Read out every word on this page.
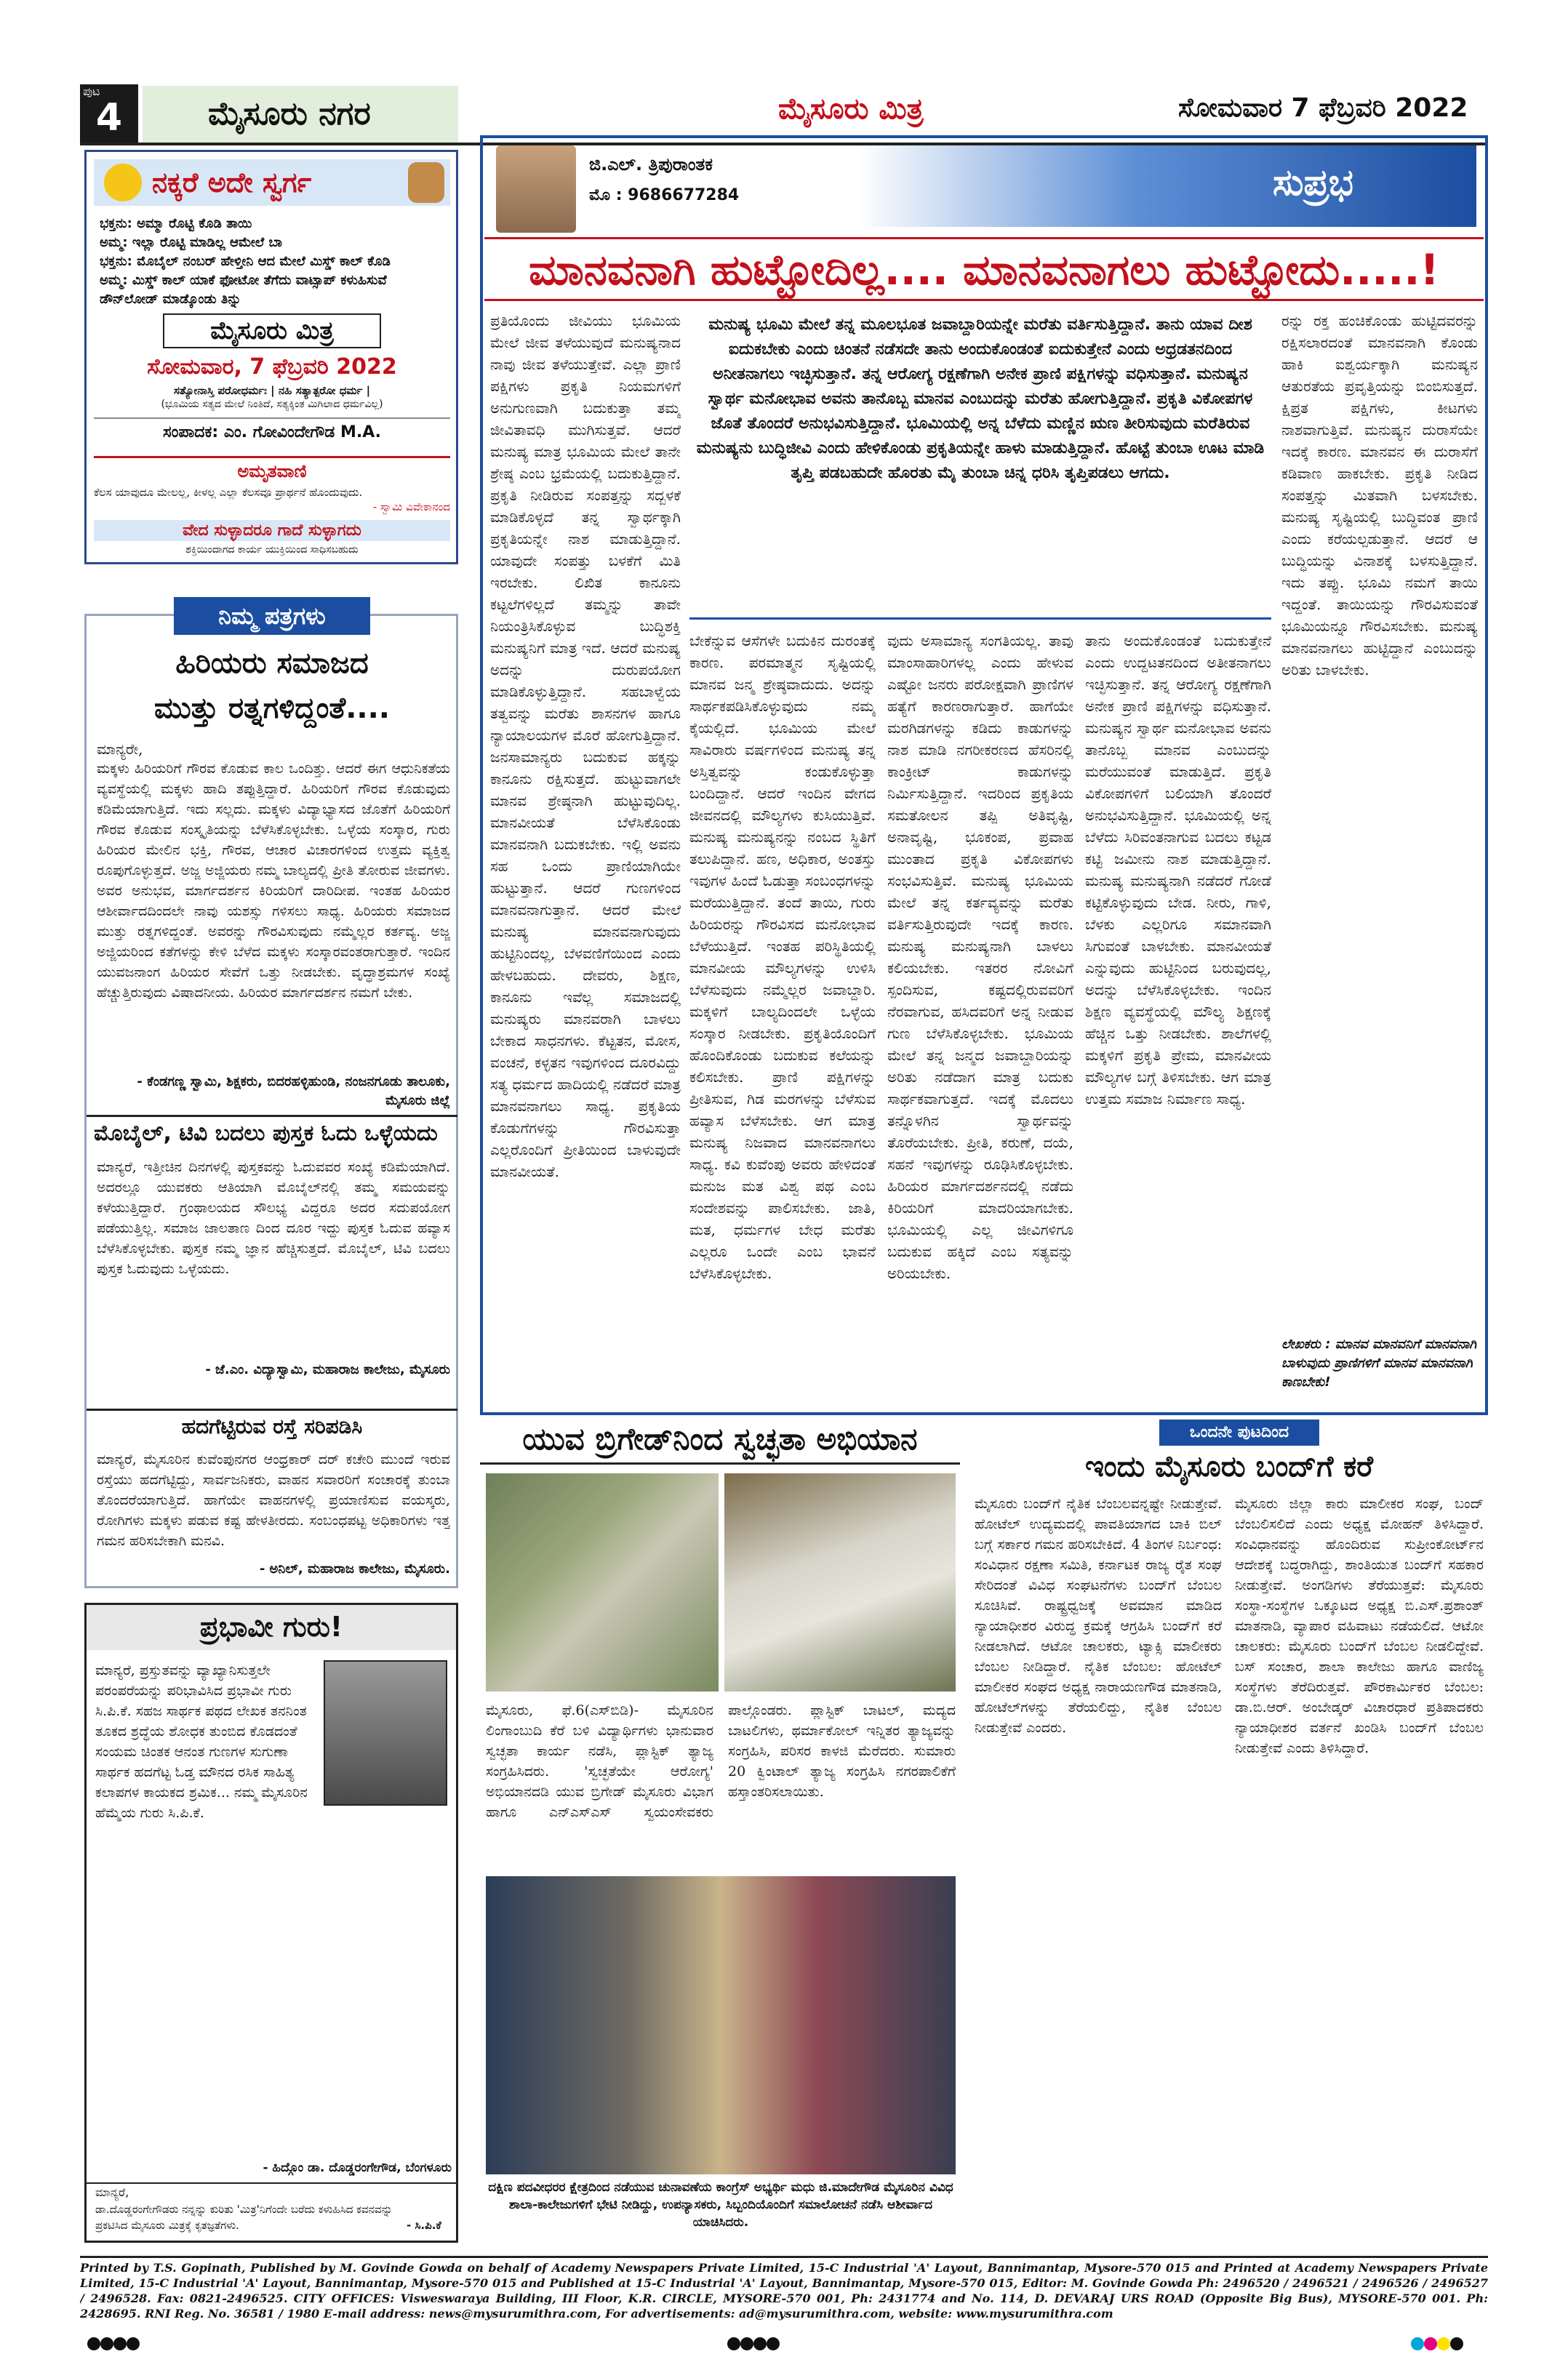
ಪುಟ
4	ಮೈಸೂರು ನಗರ	ಮೈಸೂರು ಮಿತ್ರ	ಸೋಮವಾರ 7 ಫೆಬ್ರವರಿ 2022
ನಕ್ಕರೆ ಅದೇ ಸ್ವರ್ಗ
ಭಕ್ತನು: ಅಮ್ಮಾ ರೊಟ್ಟಿ ಕೊಡಿ ತಾಯಿ
ಅಮ್ಮ: ಇಲ್ಲಾ ರೊಟ್ಟಿ ಮಾಡಿಲ್ಲ ಆಮೇಲೆ ಬಾ
ಭಕ್ತನು: ಮೊಬೈಲ್ ನಂಬರ್ ಹೇಳ್ತೀನಿ ಆದ ಮೇಲೆ ಮಿಸ್ಡ್ ಕಾಲ್ ಕೊಡಿ
ಅಮ್ಮ: ಮಿಸ್ಡ್ ಕಾಲ್ ಯಾಕೆ ಫೋಟೋ ತೆಗೆದು ವಾಟ್ಸಾಪ್ ಕಳುಹಿಸುವೆ ಡೌನ್‌ಲೋಡ್ ಮಾಡ್ಕೊಂಡು ತಿನ್ನು
ಮೈಸೂರು ಮಿತ್ರ
ಸೋಮವಾರ, 7 ಫೆಬ್ರವರಿ 2022
ಸತ್ಯೋನಾಸ್ತಿ ಪರೋಧರ್ಮಃ | ನಹಿ ಸತ್ಯಾತ್ಪರೋ ಧರ್ಮ |
(ಭೂಮಿಯ ಸತ್ಯದ ಮೇಲೆ ನಿಂತಿದೆ, ಸತ್ಯಕ್ಕಿಂತ ಮಿಗಿಲಾದ ಧರ್ಮವಿಲ್ಲ)
ಸಂಪಾದಕ: ಎಂ. ಗೋವಿಂದೇಗೌಡ M.A.
ಅಮೃತವಾಣಿ
ಕೆಲಸ ಯಾವುದೂ ಮೇಲಲ್ಲ, ಕೀಳಲ್ಲ ಎಲ್ಲಾ ಕೆಲಸವೂ ಪ್ರಾರ್ಥನೆ ಹೊಂದುವುದು.
- ಸ್ವಾಮಿ ವಿವೇಕಾನಂದ
ವೇದ ಸುಳ್ಳಾದರೂ ಗಾದೆ ಸುಳ್ಳಾಗದು
ಶಕ್ತಿಯಿಂದಾಗದ ಕಾರ್ಯ ಯುಕ್ತಿಯಿಂದ ಸಾಧಿಸಬಹುದು
ನಿಮ್ಮ ಪತ್ರಗಳು
ಹಿರಿಯರು ಸಮಾಜದ
ಮುತ್ತು ರತ್ನಗಳಿದ್ದಂತೆ....
ಮಾನ್ಯರೇ,
ಮಕ್ಕಳು ಹಿರಿಯರಿಗೆ ಗೌರವ ಕೊಡುವ ಕಾಲ ಒಂದಿತ್ತು. ಆದರೆ ಈಗ ಆಧುನಿಕತೆಯ ವ್ಯವಸ್ಥೆಯಲ್ಲಿ ಮಕ್ಕಳು ಹಾದಿ ತಪ್ಪುತ್ತಿದ್ದಾರೆ. ಹಿರಿಯರಿಗೆ ಗೌರವ ಕೊಡುವುದು ಕಡಿಮೆಯಾಗುತ್ತಿದೆ. ಇದು ಸಲ್ಲದು. ಮಕ್ಕಳು ವಿದ್ಯಾಭ್ಯಾಸದ ಜೊತೆಗೆ ಹಿರಿಯರಿಗೆ ಗೌರವ ಕೊಡುವ ಸಂಸ್ಕೃತಿಯನ್ನು ಬೆಳೆಸಿಕೊಳ್ಳಬೇಕು. ಒಳ್ಳೆಯ ಸಂಸ್ಕಾರ, ಗುರು ಹಿರಿಯರ ಮೇಲಿನ ಭಕ್ತಿ, ಗೌರವ, ಆಚಾರ ವಿಚಾರಗಳಿಂದ ಉತ್ತಮ ವ್ಯಕ್ತಿತ್ವ ರೂಪುಗೊಳ್ಳುತ್ತದೆ. ಅಜ್ಜ ಅಜ್ಜಿಯರು ನಮ್ಮ ಬಾಲ್ಯದಲ್ಲಿ ಪ್ರೀತಿ ತೋರುವ ಜೀವಗಳು. ಅವರ ಅನುಭವ, ಮಾರ್ಗದರ್ಶನ ಕಿರಿಯರಿಗೆ ದಾರಿದೀಪ. ಇಂತಹ ಹಿರಿಯರ ಆಶೀರ್ವಾದದಿಂದಲೇ ನಾವು ಯಶಸ್ಸು ಗಳಿಸಲು ಸಾಧ್ಯ. ಹಿರಿಯರು ಸಮಾಜದ ಮುತ್ತು ರತ್ನಗಳಿದ್ದಂತೆ. ಅವರನ್ನು ಗೌರವಿಸುವುದು ನಮ್ಮೆಲ್ಲರ ಕರ್ತವ್ಯ. ಅಜ್ಜ ಅಜ್ಜಿಯರಿಂದ ಕತೆಗಳನ್ನು ಕೇಳಿ ಬೆಳೆದ ಮಕ್ಕಳು ಸಂಸ್ಕಾರವಂತರಾಗುತ್ತಾರೆ. ಇಂದಿನ ಯುವಜನಾಂಗ ಹಿರಿಯರ ಸೇವೆಗೆ ಒತ್ತು ನೀಡಬೇಕು. ವೃದ್ಧಾಶ್ರಮಗಳ ಸಂಖ್ಯೆ ಹೆಚ್ಚುತ್ತಿರುವುದು ವಿಷಾದನೀಯ. ಹಿರಿಯರ ಮಾರ್ಗದರ್ಶನ ನಮಗೆ ಬೇಕು.
- ಕೆಂಡಗಣ್ಣ ಸ್ವಾಮಿ, ಶಿಕ್ಷಕರು, ಬಿದರಹಳ್ಳಿಹುಂಡಿ, ನಂಜನಗೂಡು ತಾಲೂಕು, ಮೈಸೂರು ಜಿಲ್ಲೆ
ಮೊಬೈಲ್, ಟಿವಿ ಬದಲು ಪುಸ್ತಕ ಓದು ಒಳ್ಳೆಯದು
ಮಾನ್ಯರೆ, ಇತ್ತೀಚಿನ ದಿನಗಳಲ್ಲಿ ಪುಸ್ತಕವನ್ನು ಓದುವವರ ಸಂಖ್ಯೆ ಕಡಿಮೆಯಾಗಿದೆ. ಅದರಲ್ಲೂ ಯುವಕರು ಆತಿಯಾಗಿ ಮೊಬೈಲ್‌ನಲ್ಲಿ ತಮ್ಮ ಸಮಯವನ್ನು ಕಳೆಯುತ್ತಿದ್ದಾರೆ. ಗ್ರಂಥಾಲಯದ ಸೌಲಭ್ಯ ವಿದ್ದರೂ ಅದರ ಸದುಪಯೋಗ ಪಡೆಯುತ್ತಿಲ್ಲ. ಸಮಾಜ ಜಾಲತಾಣ ದಿಂದ ದೂರ ಇದ್ದು ಪುಸ್ತಕ ಓದುವ ಹವ್ಯಾಸ ಬೆಳೆಸಿಕೊಳ್ಳಬೇಕು. ಪುಸ್ತಕ ನಮ್ಮ ಜ್ಞಾನ ಹೆಚ್ಚಿಸುತ್ತದೆ. ಮೊಬೈಲ್, ಟಿವಿ ಬದಲು ಪುಸ್ತಕ ಓದುವುದು ಒಳ್ಳೆಯದು.
- ಜೆ.ಎಂ. ವಿದ್ಯಾಸ್ವಾಮಿ, ಮಹಾರಾಜ ಕಾಲೇಜು, ಮೈಸೂರು
ಹದಗೆಟ್ಟಿರುವ ರಸ್ತೆ ಸರಿಪಡಿಸಿ
ಮಾನ್ಯರೆ, ಮೈಸೂರಿನ ಕುವೆಂಪುನಗರ ಆಂಧ್ರಕಾರ್ ದರ್ ಕಚೇರಿ ಮುಂದೆ ಇರುವ ರಸ್ತೆಯು ಹದಗೆಟ್ಟಿದ್ದು, ಸಾರ್ವಜನಿಕರು, ವಾಹನ ಸವಾರರಿಗೆ ಸಂಚಾರಕ್ಕೆ ತುಂಬಾ ತೊಂದರೆಯಾಗುತ್ತಿದೆ. ಹಾಗೆಯೇ ವಾಹನಗಳಲ್ಲಿ ಪ್ರಯಾಣಿಸುವ ವಯಸ್ಕರು, ರೋಗಿಗಳು ಮಕ್ಕಳು ಪಡುವ ಕಷ್ಟ ಹೇಳತೀರದು. ಸಂಬಂಧಪಟ್ಟ ಅಧಿಕಾರಿಗಳು ಇತ್ತ ಗಮನ ಹರಿಸಬೇಕಾಗಿ ಮನವಿ.
- ಅನಿಲ್, ಮಹಾರಾಜ ಕಾಲೇಜು, ಮೈಸೂರು.
ಪ್ರಭಾವೀ ಗುರು!
ಮಾನ್ಯರೆ, ಪ್ರಸ್ತುತವನ್ನು ವ್ಯಾಖ್ಯಾನಿಸುತ್ತಲೇ ಪರಂಪರೆಯನ್ನು ಪರಿಭಾವಿಸಿದ ಪ್ರಭಾವೀ ಗುರು ಸಿ.ಪಿ.ಕೆ. ಸಹಜ ಸಾರ್ಥಕ ಪಥದ ಲೇಖಕ ತನನಿಂತ ತೂಕದ ಶ್ರದ್ಧೆಯ ಶೋಧಕ ತುಂಬಿದ ಕೊಡದಂತೆ ಸಂಯಮ ಚಿಂತಕ ಆನಂತ ಗುಣಗಳ ಸುಗುಣಾ ಸಾರ್ಥಕ ಹದಗೆಟ್ಟ ಓಡ್ತ ಮೌನದ ರಸಿಕ ಸಾಹಿತ್ಯ ಕಲಾಪಗಳ ಕಾಯಕದ ಶ್ರಮಿಕ... ನಮ್ಮ ಮೈಸೂರಿನ ಹೆಮ್ಮೆಯ ಗುರು ಸಿ.ಪಿ.ಕೆ.
- ಹಿದ್ಗೊಂ ಡಾ. ದೊಡ್ಡರಂಗೇಗೌಡ, ಬೆಂಗಳೂರು
ಮಾನ್ಯರೆ,
ಡಾ.ದೊಡ್ಡರಂಗೇಗೌಡರು ನನ್ನನ್ನು ಕುರಿತು 'ಮಿತ್ರ'ನಿಗೆಂದೇ ಬರೆದು ಕಳುಹಿಸಿದ ಕವನವನ್ನು ಪ್ರಕಟಿಸಿದ ಮೈಸೂರು ಮಿತ್ರಕ್ಕೆ ಕೃತಜ್ಞತೆಗಳು.	- ಸಿ.ಪಿ.ಕೆ
ಜಿ.ಎಲ್. ತ್ರಿಪುರಾಂತಕ
ಮೊ : 9686677284	ಸುಪ್ರಭ
ಮಾನವನಾಗಿ ಹುಟ್ಟೋದಿಲ್ಲ.... ಮಾನವನಾಗಲು ಹುಟ್ಟೋದು.....!
ಪ್ರತಿಯೊಂದು ಜೀವಿಯು ಭೂಮಿಯ ಮೇಲೆ ಜೀವ ತಳೆಯುವುದೆ ಮನುಷ್ಯನಾದ ನಾವು ಜೀವ ತಳೆಯುತ್ತೇವೆ. ಎಲ್ಲಾ ಪ್ರಾಣಿ ಪಕ್ಷಿಗಳು ಪ್ರಕೃತಿ ನಿಯಮಗಳಿಗೆ ಅನುಗುಣವಾಗಿ ಬದುಕುತ್ತಾ ತಮ್ಮ ಜೀವಿತಾವಧಿ ಮುಗಿಸುತ್ತವೆ. ಆದರೆ ಮನುಷ್ಯ ಮಾತ್ರ ಭೂಮಿಯ ಮೇಲೆ ತಾನೇ ಶ್ರೇಷ್ಠ ಎಂಬ ಭ್ರಮೆಯಲ್ಲಿ ಬದುಕುತ್ತಿದ್ದಾನೆ. ಪ್ರಕೃತಿ ನೀಡಿರುವ ಸಂಪತ್ತನ್ನು ಸದ್ಬಳಕೆ ಮಾಡಿಕೊಳ್ಳದೆ ತನ್ನ ಸ್ವಾರ್ಥಕ್ಕಾಗಿ ಪ್ರಕೃತಿಯನ್ನೇ ನಾಶ ಮಾಡುತ್ತಿದ್ದಾನೆ. ಯಾವುದೇ ಸಂಪತ್ತು ಬಳಕೆಗೆ ಮಿತಿ ಇರಬೇಕು. ಲಿಖಿತ ಕಾನೂನು ಕಟ್ಟಲೆಗಳಿಲ್ಲದೆ ತಮ್ಮನ್ನು ತಾವೇ ನಿಯಂತ್ರಿಸಿಕೊಳ್ಳುವ ಬುದ್ಧಿಶಕ್ತಿ ಮನುಷ್ಯನಿಗೆ ಮಾತ್ರ ಇದೆ. ಆದರೆ ಮನುಷ್ಯ ಅದನ್ನು ದುರುಪಯೋಗ ಮಾಡಿಕೊಳ್ಳುತ್ತಿದ್ದಾನೆ. ಸಹಬಾಳ್ವೆಯ ತತ್ವವನ್ನು ಮರೆತು ಶಾಸನಗಳ ಹಾಗೂ ನ್ಯಾಯಾಲಯಗಳ ಮೊರೆ ಹೋಗುತ್ತಿದ್ದಾನೆ. ಜನಸಾಮಾನ್ಯರು ಬದುಕುವ ಹಕ್ಕನ್ನು ಕಾನೂನು ರಕ್ಷಿಸುತ್ತದೆ. ಹುಟ್ಟುವಾಗಲೇ ಮಾನವ ಶ್ರೇಷ್ಠನಾಗಿ ಹುಟ್ಟುವುದಿಲ್ಲ. ಮಾನವೀಯತೆ ಬೆಳೆಸಿಕೊಂಡು ಮಾನವನಾಗಿ ಬದುಕಬೇಕು. ಇಲ್ಲಿ ಅವನು ಸಹ ಒಂದು ಪ್ರಾಣಿಯಾಗಿಯೇ ಹುಟ್ಟುತ್ತಾನೆ. ಆದರೆ ಗುಣಗಳಿಂದ ಮಾನವನಾಗುತ್ತಾನೆ. ಆದರೆ ಮೇಲೆ ಮನುಷ್ಯ ಮಾನವನಾಗುವುದು ಹುಟ್ಟಿನಿಂದಲ್ಲ, ಬೆಳವಣಿಗೆಯಿಂದ ಎಂದು ಹೇಳಬಹುದು. ದೇವರು, ಶಿಕ್ಷಣ, ಕಾನೂನು ಇವೆಲ್ಲ ಸಮಾಜದಲ್ಲಿ ಮನುಷ್ಯರು ಮಾನವರಾಗಿ ಬಾಳಲು ಬೇಕಾದ ಸಾಧನಗಳು. ಕೆಟ್ಟತನ, ಮೋಸ, ವಂಚನೆ, ಕಳ್ಳತನ ಇವುಗಳಿಂದ ದೂರವಿದ್ದು ಸತ್ಯ ಧರ್ಮದ ಹಾದಿಯಲ್ಲಿ ನಡೆದರೆ ಮಾತ್ರ ಮಾನವನಾಗಲು ಸಾಧ್ಯ. ಪ್ರಕೃತಿಯ ಕೊಡುಗೆಗಳನ್ನು ಗೌರವಿಸುತ್ತಾ ಎಲ್ಲರೊಂದಿಗೆ ಪ್ರೀತಿಯಿಂದ ಬಾಳುವುದೇ ಮಾನವೀಯತೆ.
ಮನುಷ್ಯ ಭೂಮಿ ಮೇಲೆ ತನ್ನ ಮೂಲಭೂತ ಜವಾಬ್ದಾರಿಯನ್ನೇ ಮರೆತು ವರ್ತಿಸುತ್ತಿದ್ದಾನೆ. ತಾನು ಯಾವ ದೀಶ ಐದುಕಬೇಕು ಎಂದು ಚಿಂತನೆ ನಡೆಸದೇ ತಾನು ಅಂದುಕೊಂಡಂತೆ ಐದುಕುತ್ತೇನೆ ಎಂದು ಅಧ್ರಡತನದಿಂದ ಅನೀತನಾಗಲು ಇಚ್ಛಿಸುತ್ತಾನೆ. ತನ್ನ ಆರೋಗ್ಯ ರಕ್ಷಣೆಗಾಗಿ ಅನೇಕ ಪ್ರಾಣಿ ಪಕ್ಷಿಗಳನ್ನು ವಧಿಸುತ್ತಾನೆ. ಮನುಷ್ಯನ ಸ್ವಾರ್ಥ ಮನೋಭಾವ ಅವನು ತಾನೊಬ್ಬ ಮಾನವ ಎಂಬುದನ್ನು ಮರೆತು ಹೋಗುತ್ತಿದ್ದಾನೆ. ಪ್ರಕೃತಿ ವಿಕೋಪಗಳ ಜೊತೆ ತೊಂದರೆ ಅನುಭವಿಸುತ್ತಿದ್ದಾನೆ. ಭೂಮಿಯಲ್ಲಿ ಅನ್ನ ಬೆಳೆದು ಮಣ್ಣಿನ ಋಣ ತೀರಿಸುವುದು ಮರೆತಿರುವ ಮನುಷ್ಯನು ಬುದ್ಧಿಜೀವಿ ಎಂದು ಹೇಳಿಕೊಂಡು ಪ್ರಕೃತಿಯನ್ನೇ ಹಾಳು ಮಾಡುತ್ತಿದ್ದಾನೆ. ಹೊಟ್ಟೆ ತುಂಬಾ ಊಟ ಮಾಡಿ ತೃಪ್ತಿ ಪಡಬಹುದೇ ಹೊರತು ಮೈ ತುಂಬಾ ಚಿನ್ನ ಧರಿಸಿ ತೃಪ್ತಿಪಡಲು ಆಗದು.
ಬೇಕೆನ್ನುವ ಆಸೆಗಳೇ ಬದುಕಿನ ದುರಂತಕ್ಕೆ ಕಾರಣ. ಪರಮಾತ್ಮನ ಸೃಷ್ಟಿಯಲ್ಲಿ ಮಾನವ ಜನ್ಮ ಶ್ರೇಷ್ಠವಾದುದು. ಅದನ್ನು ಸಾರ್ಥಕಪಡಿಸಿಕೊಳ್ಳುವುದು ನಮ್ಮ ಕೈಯಲ್ಲಿದೆ. ಭೂಮಿಯ ಮೇಲೆ ಸಾವಿರಾರು ವರ್ಷಗಳಿಂದ ಮನುಷ್ಯ ತನ್ನ ಅಸ್ತಿತ್ವವನ್ನು ಕಂಡುಕೊಳ್ಳುತ್ತಾ ಬಂದಿದ್ದಾನೆ. ಆದರೆ ಇಂದಿನ ವೇಗದ ಜೀವನದಲ್ಲಿ ಮೌಲ್ಯಗಳು ಕುಸಿಯುತ್ತಿವೆ. ಮನುಷ್ಯ ಮನುಷ್ಯನನ್ನು ನಂಬದ ಸ್ಥಿತಿಗೆ ತಲುಪಿದ್ದಾನೆ. ಹಣ, ಅಧಿಕಾರ, ಅಂತಸ್ತು ಇವುಗಳ ಹಿಂದೆ ಓಡುತ್ತಾ ಸಂಬಂಧಗಳನ್ನು ಮರೆಯುತ್ತಿದ್ದಾನೆ. ತಂದೆ ತಾಯಿ, ಗುರು ಹಿರಿಯರನ್ನು ಗೌರವಿಸದ ಮನೋಭಾವ ಬೆಳೆಯುತ್ತಿದೆ. ಇಂತಹ ಪರಿಸ್ಥಿತಿಯಲ್ಲಿ ಮಾನವೀಯ ಮೌಲ್ಯಗಳನ್ನು ಉಳಿಸಿ ಬೆಳೆಸುವುದು ನಮ್ಮೆಲ್ಲರ ಜವಾಬ್ದಾರಿ. ಮಕ್ಕಳಿಗೆ ಬಾಲ್ಯದಿಂದಲೇ ಒಳ್ಳೆಯ ಸಂಸ್ಕಾರ ನೀಡಬೇಕು. ಪ್ರಕೃತಿಯೊಂದಿಗೆ ಹೊಂದಿಕೊಂಡು ಬದುಕುವ ಕಲೆಯನ್ನು ಕಲಿಸಬೇಕು. ಪ್ರಾಣಿ ಪಕ್ಷಿಗಳನ್ನು ಪ್ರೀತಿಸುವ, ಗಿಡ ಮರಗಳನ್ನು ಬೆಳೆಸುವ ಹವ್ಯಾಸ ಬೆಳೆಸಬೇಕು. ಆಗ ಮಾತ್ರ ಮನುಷ್ಯ ನಿಜವಾದ ಮಾನವನಾಗಲು ಸಾಧ್ಯ. ಕವಿ ಕುವೆಂಪು ಅವರು ಹೇಳಿದಂತೆ ಮನುಜ ಮತ ವಿಶ್ವ ಪಥ ಎಂಬ ಸಂದೇಶವನ್ನು ಪಾಲಿಸಬೇಕು. ಜಾತಿ, ಮತ, ಧರ್ಮಗಳ ಬೇಧ ಮರೆತು ಎಲ್ಲರೂ ಒಂದೇ ಎಂಬ ಭಾವನೆ ಬೆಳೆಸಿಕೊಳ್ಳಬೇಕು.
ವುದು ಅಸಾಮಾನ್ಯ ಸಂಗತಿಯಲ್ಲ. ತಾವು ಮಾಂಸಾಹಾರಿಗಳಲ್ಲ ಎಂದು ಹೇಳುವ ಎಷ್ಟೋ ಜನರು ಪರೋಕ್ಷವಾಗಿ ಪ್ರಾಣಿಗಳ ಹತ್ಯೆಗೆ ಕಾರಣರಾಗುತ್ತಾರೆ. ಹಾಗೆಯೇ ಮರಗಿಡಗಳನ್ನು ಕಡಿದು ಕಾಡುಗಳನ್ನು ನಾಶ ಮಾಡಿ ನಗರೀಕರಣದ ಹೆಸರಿನಲ್ಲಿ ಕಾಂಕ್ರೀಟ್ ಕಾಡುಗಳನ್ನು ನಿರ್ಮಿಸುತ್ತಿದ್ದಾನೆ. ಇದರಿಂದ ಪ್ರಕೃತಿಯ ಸಮತೋಲನ ತಪ್ಪಿ ಅತಿವೃಷ್ಟಿ, ಅನಾವೃಷ್ಟಿ, ಭೂಕಂಪ, ಪ್ರವಾಹ ಮುಂತಾದ ಪ್ರಕೃತಿ ವಿಕೋಪಗಳು ಸಂಭವಿಸುತ್ತಿವೆ. ಮನುಷ್ಯ ಭೂಮಿಯ ಮೇಲೆ ತನ್ನ ಕರ್ತವ್ಯವನ್ನು ಮರೆತು ವರ್ತಿಸುತ್ತಿರುವುದೇ ಇದಕ್ಕೆ ಕಾರಣ. ಮನುಷ್ಯ ಮನುಷ್ಯನಾಗಿ ಬಾಳಲು ಕಲಿಯಬೇಕು. ಇತರರ ನೋವಿಗೆ ಸ್ಪಂದಿಸುವ, ಕಷ್ಟದಲ್ಲಿರುವವರಿಗೆ ನೆರವಾಗುವ, ಹಸಿದವರಿಗೆ ಅನ್ನ ನೀಡುವ ಗುಣ ಬೆಳೆಸಿಕೊಳ್ಳಬೇಕು. ಭೂಮಿಯ ಮೇಲೆ ತನ್ನ ಜನ್ಮದ ಜವಾಬ್ದಾರಿಯನ್ನು ಅರಿತು ನಡೆದಾಗ ಮಾತ್ರ ಬದುಕು ಸಾರ್ಥಕವಾಗುತ್ತದೆ. ಇದಕ್ಕೆ ಮೊದಲು ತನ್ನೊಳಗಿನ ಸ್ವಾರ್ಥವನ್ನು ತೊರೆಯಬೇಕು. ಪ್ರೀತಿ, ಕರುಣೆ, ದಯೆ, ಸಹನೆ ಇವುಗಳನ್ನು ರೂಢಿಸಿಕೊಳ್ಳಬೇಕು. ಹಿರಿಯರ ಮಾರ್ಗದರ್ಶನದಲ್ಲಿ ನಡೆದು ಕಿರಿಯರಿಗೆ ಮಾದರಿಯಾಗಬೇಕು. ಭೂಮಿಯಲ್ಲಿ ಎಲ್ಲ ಜೀವಿಗಳಿಗೂ ಬದುಕುವ ಹಕ್ಕಿದೆ ಎಂಬ ಸತ್ಯವನ್ನು ಅರಿಯಬೇಕು.
ತಾನು ಅಂದುಕೊಂಡಂತೆ ಬದುಕುತ್ತೇನೆ ಎಂದು ಉದ್ದಟತನದಿಂದ ಅತೀತನಾಗಲು ಇಚ್ಛಿಸುತ್ತಾನೆ. ತನ್ನ ಆರೋಗ್ಯ ರಕ್ಷಣೆಗಾಗಿ ಅನೇಕ ಪ್ರಾಣಿ ಪಕ್ಷಿಗಳನ್ನು ವಧಿಸುತ್ತಾನೆ. ಮನುಷ್ಯನ ಸ್ವಾರ್ಥ ಮನೋಭಾವ ಅವನು ತಾನೊಬ್ಬ ಮಾನವ ಎಂಬುದನ್ನು ಮರೆಯುವಂತೆ ಮಾಡುತ್ತಿದೆ. ಪ್ರಕೃತಿ ವಿಕೋಪಗಳಿಗೆ ಬಲಿಯಾಗಿ ತೊಂದರೆ ಅನುಭವಿಸುತ್ತಿದ್ದಾನೆ. ಭೂಮಿಯಲ್ಲಿ ಅನ್ನ ಬೆಳೆದು ಸಿರಿವಂತನಾಗುವ ಬದಲು ಕಟ್ಟಡ ಕಟ್ಟಿ ಜಮೀನು ನಾಶ ಮಾಡುತ್ತಿದ್ದಾನೆ. ಮನುಷ್ಯ ಮನುಷ್ಯನಾಗಿ ನಡೆದರೆ ಗೋಡೆ ಕಟ್ಟಿಕೊಳ್ಳುವುದು ಬೇಡ. ನೀರು, ಗಾಳಿ, ಬೆಳಕು ಎಲ್ಲರಿಗೂ ಸಮಾನವಾಗಿ ಸಿಗುವಂತೆ ಬಾಳಬೇಕು. ಮಾನವೀಯತೆ ಎನ್ನುವುದು ಹುಟ್ಟಿನಿಂದ ಬರುವುದಲ್ಲ, ಅದನ್ನು ಬೆಳೆಸಿಕೊಳ್ಳಬೇಕು. ಇಂದಿನ ಶಿಕ್ಷಣ ವ್ಯವಸ್ಥೆಯಲ್ಲಿ ಮೌಲ್ಯ ಶಿಕ್ಷಣಕ್ಕೆ ಹೆಚ್ಚಿನ ಒತ್ತು ನೀಡಬೇಕು. ಶಾಲೆಗಳಲ್ಲಿ ಮಕ್ಕಳಿಗೆ ಪ್ರಕೃತಿ ಪ್ರೇಮ, ಮಾನವೀಯ ಮೌಲ್ಯಗಳ ಬಗ್ಗೆ ತಿಳಿಸಬೇಕು. ಆಗ ಮಾತ್ರ ಉತ್ತಮ ಸಮಾಜ ನಿರ್ಮಾಣ ಸಾಧ್ಯ.
ರನ್ನು ರಕ್ತ ಹಂಚಿಕೊಂಡು ಹುಟ್ಟಿದವರನ್ನು ರಕ್ಷಿಸಲಾರದಂತೆ ಮಾನವನಾಗಿ ಕೊಂಡು ಹಾಕಿ ಐಶ್ವರ್ಯಕ್ಕಾಗಿ ಮನುಷ್ಯನ ಆತುರತೆಯ ಪ್ರವೃತ್ತಿಯನ್ನು ಬಿಂಬಿಸುತ್ತದೆ. ಕ್ಷಿಪ್ರತ ಪಕ್ಷಿಗಳು, ಕೀಟಗಳು ನಾಶವಾಗುತ್ತಿವೆ. ಮನುಷ್ಯನ ದುರಾಸೆಯೇ ಇದಕ್ಕೆ ಕಾರಣ. ಮಾನವನ ಈ ದುರಾಸೆಗೆ ಕಡಿವಾಣ ಹಾಕಬೇಕು. ಪ್ರಕೃತಿ ನೀಡಿದ ಸಂಪತ್ತನ್ನು ಮಿತವಾಗಿ ಬಳಸಬೇಕು. ಮನುಷ್ಯ ಸೃಷ್ಟಿಯಲ್ಲಿ ಬುದ್ಧಿವಂತ ಪ್ರಾಣಿ ಎಂದು ಕರೆಯಲ್ಪಡುತ್ತಾನೆ. ಆದರೆ ಆ ಬುದ್ಧಿಯನ್ನು ವಿನಾಶಕ್ಕೆ ಬಳಸುತ್ತಿದ್ದಾನೆ. ಇದು ತಪ್ಪು. ಭೂಮಿ ನಮಗೆ ತಾಯಿ ಇದ್ದಂತೆ. ತಾಯಿಯನ್ನು ಗೌರವಿಸುವಂತೆ ಭೂಮಿಯನ್ನೂ ಗೌರವಿಸಬೇಕು. ಮನುಷ್ಯ ಮಾನವನಾಗಲು ಹುಟ್ಟಿದ್ದಾನೆ ಎಂಬುದನ್ನು ಅರಿತು ಬಾಳಬೇಕು.
ಲೇಖಕರು : ಮಾನವ ಮಾನವನಿಗೆ ಮಾನವನಾಗಿ ಬಾಳುವುದು ಪ್ರಾಣಿಗಳಿಗೆ ಮಾನವ ಮಾನವನಾಗಿ ಕಾಣಬೇಕು!
ಯುವ ಬ್ರಿಗೇಡ್‌ನಿಂದ ಸ್ವಚ್ಛತಾ ಅಭಿಯಾನ
ಮೈಸೂರು, ಫೆ.6(ಎಸ್‌ಬಿಡಿ)- ಮೈಸೂರಿನ ಲಿಂಗಾಂಬುದಿ ಕೆರೆ ಬಳಿ ವಿದ್ಯಾರ್ಥಿಗಳು ಭಾನುವಾರ ಸ್ವಚ್ಛತಾ ಕಾರ್ಯ ನಡೆಸಿ, ಪ್ಲಾಸ್ಟಿಕ್ ತ್ಯಾಜ್ಯ ಸಂಗ್ರಹಿಸಿದರು. 'ಸ್ವಚ್ಛತೆಯೇ ಆರೋಗ್ಯ' ಅಭಿಯಾನದಡಿ ಯುವ ಬ್ರಿಗೇಡ್ ಮೈಸೂರು ವಿಭಾಗ ಹಾಗೂ ಎನ್‌ಎಸ್‌ಎಸ್ ಸ್ವಯಂಸೇವಕರು ಪಾಲ್ಗೊಂಡರು. ಪ್ಲಾಸ್ಟಿಕ್ ಬಾಟಲ್, ಮದ್ಯದ ಬಾಟಲಿಗಳು, ಥರ್ಮಾಕೋಲ್ ಇನ್ನಿತರ ತ್ಯಾಜ್ಯವನ್ನು ಸಂಗ್ರಹಿಸಿ, ಪರಿಸರ ಕಾಳಜಿ ಮೆರೆದರು. ಸುಮಾರು 20 ಕ್ವಿಂಟಾಲ್ ತ್ಯಾಜ್ಯ ಸಂಗ್ರಹಿಸಿ ನಗರಪಾಲಿಕೆಗೆ ಹಸ್ತಾಂತರಿಸಲಾಯಿತು.
ದಕ್ಷಿಣ ಪದವೀಧರರ ಕ್ಷೇತ್ರದಿಂದ ನಡೆಯುವ ಚುನಾವಣೆಯ ಕಾಂಗ್ರೆಸ್ ಅಭ್ಯರ್ಥಿ ಮಧು ಜಿ.ಮಾದೇಗೌಡ ಮೈಸೂರಿನ ವಿವಿಧ ಶಾಲಾ-ಕಾಲೇಜುಗಳಿಗೆ ಭೇಟಿ ನೀಡಿದ್ದು, ಉಪನ್ಯಾಸಕರು, ಸಿಬ್ಬಂದಿಯೊಂದಿಗೆ ಸಮಾಲೋಚನೆ ನಡೆಸಿ ಆಶೀರ್ವಾದ ಯಾಚಿಸಿದರು.
ಒಂದನೇ ಪುಟದಿಂದ
ಇಂದು ಮೈಸೂರು ಬಂದ್‌ಗೆ ಕರೆ
ಮೈಸೂರು ಬಂದ್‌ಗೆ ನೈತಿಕ ಬೆಂಬಲವನ್ನಷ್ಟೇ ನೀಡುತ್ತೇವೆ. ಹೋಟೆಲ್ ಉದ್ಯಮದಲ್ಲಿ ಪಾವತಿಯಾಗದ ಬಾಕಿ ಬಿಲ್ ಬಗ್ಗೆ ಸರ್ಕಾರ ಗಮನ ಹರಿಸಬೇಕಿದೆ. 4 ತಿಂಗಳ ನಿರ್ಬಂಧ: ಸಂವಿಧಾನ ರಕ್ಷಣಾ ಸಮಿತಿ, ಕರ್ನಾಟಕ ರಾಜ್ಯ ರೈತ ಸಂಘ ಸೇರಿದಂತೆ ವಿವಿಧ ಸಂಘಟನೆಗಳು ಬಂದ್‌ಗೆ ಬೆಂಬಲ ಸೂಚಿಸಿವೆ. ರಾಷ್ಟ್ರಧ್ವಜಕ್ಕೆ ಅವಮಾನ ಮಾಡಿದ ನ್ಯಾಯಾಧೀಶರ ವಿರುದ್ಧ ಕ್ರಮಕ್ಕೆ ಆಗ್ರಹಿಸಿ ಬಂದ್‌ಗೆ ಕರೆ ನೀಡಲಾಗಿದೆ. ಆಟೋ ಚಾಲಕರು, ಟ್ಯಾಕ್ಸಿ ಮಾಲೀಕರು ಬೆಂಬಲ ನೀಡಿದ್ದಾರೆ. ನೈತಿಕ ಬೆಂಬಲ: ಹೋಟೆಲ್ ಮಾಲೀಕರ ಸಂಘದ ಅಧ್ಯಕ್ಷ ನಾರಾಯಣಗೌಡ ಮಾತನಾಡಿ, ಹೋಟೆಲ್‌ಗಳನ್ನು ತೆರೆಯಲಿದ್ದು, ನೈತಿಕ ಬೆಂಬಲ ನೀಡುತ್ತೇವೆ ಎಂದರು.
ಮೈಸೂರು ಜಿಲ್ಲಾ ಕಾರು ಮಾಲೀಕರ ಸಂಘ, ಬಂದ್ ಬೆಂಬಲಿಸಲಿದೆ ಎಂದು ಅಧ್ಯಕ್ಷ ಮೋಹನ್ ತಿಳಿಸಿದ್ದಾರೆ. ಸಂವಿಧಾನವನ್ನು ಹೊಂದಿರುವ ಸುಪ್ರೀಂಕೋರ್ಟ್‌ನ ಆದೇಶಕ್ಕೆ ಬದ್ಧರಾಗಿದ್ದು, ಶಾಂತಿಯುತ ಬಂದ್‌ಗೆ ಸಹಕಾರ ನೀಡುತ್ತೇವೆ. ಅಂಗಡಿಗಳು ತೆರೆಯುತ್ತವೆ: ಮೈಸೂರು ಸಂಸ್ಥಾ-ಸಂಸ್ಥೆಗಳ ಒಕ್ಕೂಟದ ಅಧ್ಯಕ್ಷ ಬಿ.ಎಸ್.ಪ್ರಶಾಂತ್ ಮಾತನಾಡಿ, ವ್ಯಾಪಾರ ವಹಿವಾಟು ನಡೆಯಲಿದೆ. ಆಟೋ ಚಾಲಕರು: ಮೈಸೂರು ಬಂದ್‌ಗೆ ಬೆಂಬಲ ನೀಡಲಿದ್ದೇವೆ. ಬಸ್ ಸಂಚಾರ, ಶಾಲಾ ಕಾಲೇಜು ಹಾಗೂ ವಾಣಿಜ್ಯ ಸಂಸ್ಥೆಗಳು ತೆರೆದಿರುತ್ತವೆ. ಪೌರಕಾರ್ಮಿಕರ ಬೆಂಬಲ: ಡಾ.ಬಿ.ಆರ್. ಅಂಬೇಡ್ಕರ್ ವಿಚಾರಧಾರೆ ಪ್ರತಿಪಾದಕರು ನ್ಯಾಯಾಧೀಶರ ವರ್ತನೆ ಖಂಡಿಸಿ ಬಂದ್‌ಗೆ ಬೆಂಬಲ ನೀಡುತ್ತೇವೆ ಎಂದು ತಿಳಿಸಿದ್ದಾರೆ.
Printed by T.S. Gopinath, Published by M. Govinde Gowda on behalf of Academy Newspapers Private Limited, 15-C Industrial 'A' Layout, Bannimantap, Mysore-570 015 and Printed at Academy Newspapers Private Limited, 15-C Industrial 'A' Layout, Bannimantap, Mysore-570 015 and Published at 15-C Industrial 'A' Layout, Bannimantap, Mysore-570 015, Editor: M. Govinde Gowda Ph: 2496520 / 2496521 / 2496526 / 2496527 / 2496528. Fax: 0821-2496525. CITY OFFICES: Visweswaraya Building, III Floor, K.R. CIRCLE, MYSORE-570 001, Ph: 2431774 and No. 114, D. DEVARAJ URS ROAD (Opposite Big Bus), MYSORE-570 001. Ph: 2428695. RNI Reg. No. 36581 / 1980 E-mail address: news@mysurumithra.com, For advertisements: ad@mysurumithra.com, website: www.mysurumithra.com
